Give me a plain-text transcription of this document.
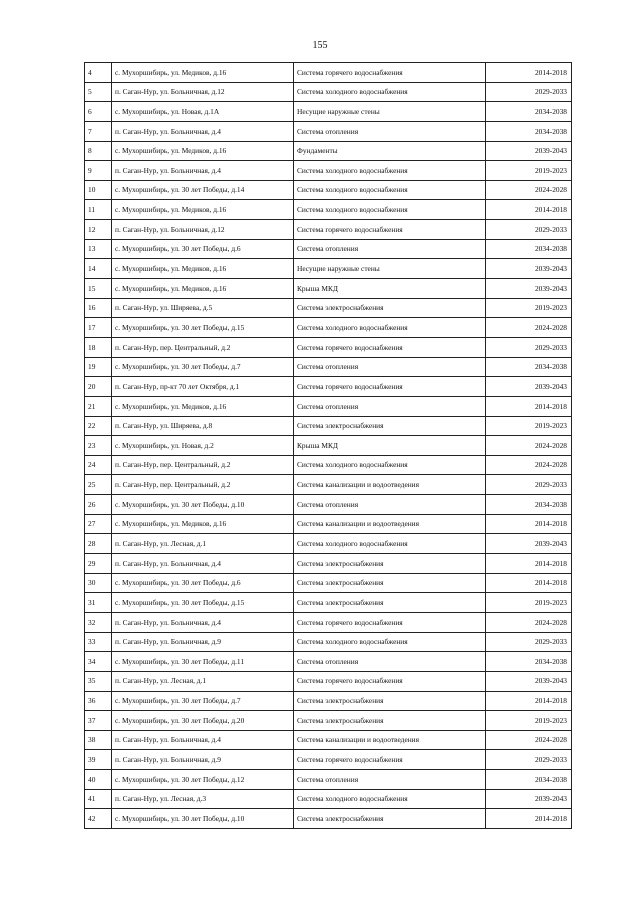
155
4	с. Мухоршибирь, ул. Медиков, д.16	Система горячего водоснабжения	2014-2018
5	п. Саган-Нур, ул. Больничная, д.12	Система холодного водоснабжения	2029-2033
6	с. Мухоршибирь, ул. Новая, д.1А	Несущие наружные стены	2034-2038
7	п. Саган-Нур, ул. Больничная, д.4	Система отопления	2034-2038
8	с. Мухоршибирь, ул. Медиков, д.16	Фундаменты	2039-2043
9	п. Саган-Нур, ул. Больничная, д.4	Система холодного водоснабжения	2019-2023
10	с. Мухоршибирь, ул. 30 лет Победы, д.14	Система холодного водоснабжения	2024-2028
11	с. Мухоршибирь, ул. Медиков, д.16	Система холодного водоснабжения	2014-2018
12	п. Саган-Нур, ул. Больничная, д.12	Система горячего водоснабжения	2029-2033
13	с. Мухоршибирь, ул. 30 лет Победы, д.6	Система отопления	2034-2038
14	с. Мухоршибирь, ул. Медиков, д.16	Несущие наружные стены	2039-2043
15	с. Мухоршибирь, ул. Медиков, д.16	Крыша МКД	2039-2043
16	п. Саган-Нур, ул. Ширяева, д.5	Система электроснабжения	2019-2023
17	с. Мухоршибирь, ул. 30 лет Победы, д.15	Система холодного водоснабжения	2024-2028
18	п. Саган-Нур, пер. Центральный, д.2	Система горячего водоснабжения	2029-2033
19	с. Мухоршибирь, ул. 30 лет Победы, д.7	Система отопления	2034-2038
20	п. Саган-Нур, пр-кт 70 лет Октября, д.1	Система горячего водоснабжения	2039-2043
21	с. Мухоршибирь, ул. Медиков, д.16	Система отопления	2014-2018
22	п. Саган-Нур, ул. Ширяева, д.8	Система электроснабжения	2019-2023
23	с. Мухоршибирь, ул. Новая, д.2	Крыша МКД	2024-2028
24	п. Саган-Нур, пер. Центральный, д.2	Система холодного водоснабжения	2024-2028
25	п. Саган-Нур, пер. Центральный, д.2	Система канализации и водоотведения	2029-2033
26	с. Мухоршибирь, ул. 30 лет Победы, д.10	Система отопления	2034-2038
27	с. Мухоршибирь, ул. Медиков, д.16	Система канализации и водоотведения	2014-2018
28	п. Саган-Нур, ул. Лесная, д.1	Система холодного водоснабжения	2039-2043
29	п. Саган-Нур, ул. Больничная, д.4	Система электроснабжения	2014-2018
30	с. Мухоршибирь, ул. 30 лет Победы, д.6	Система электроснабжения	2014-2018
31	с. Мухоршибирь, ул. 30 лет Победы, д.15	Система электроснабжения	2019-2023
32	п. Саган-Нур, ул. Больничная, д.4	Система горячего водоснабжения	2024-2028
33	п. Саган-Нур, ул. Больничная, д.9	Система холодного водоснабжения	2029-2033
34	с. Мухоршибирь, ул. 30 лет Победы, д.11	Система отопления	2034-2038
35	п. Саган-Нур, ул. Лесная, д.1	Система горячего водоснабжения	2039-2043
36	с. Мухоршибирь, ул. 30 лет Победы, д.7	Система электроснабжения	2014-2018
37	с. Мухоршибирь, ул. 30 лет Победы, д.20	Система электроснабжения	2019-2023
38	п. Саган-Нур, ул. Больничная, д.4	Система канализации и водоотведения	2024-2028
39	п. Саган-Нур, ул. Больничная, д.9	Система горячего водоснабжения	2029-2033
40	с. Мухоршибирь, ул. 30 лет Победы, д.12	Система отопления	2034-2038
41	п. Саган-Нур, ул. Лесная, д.3	Система холодного водоснабжения	2039-2043
42	с. Мухоршибирь, ул. 30 лет Победы, д.10	Система электроснабжения	2014-2018
